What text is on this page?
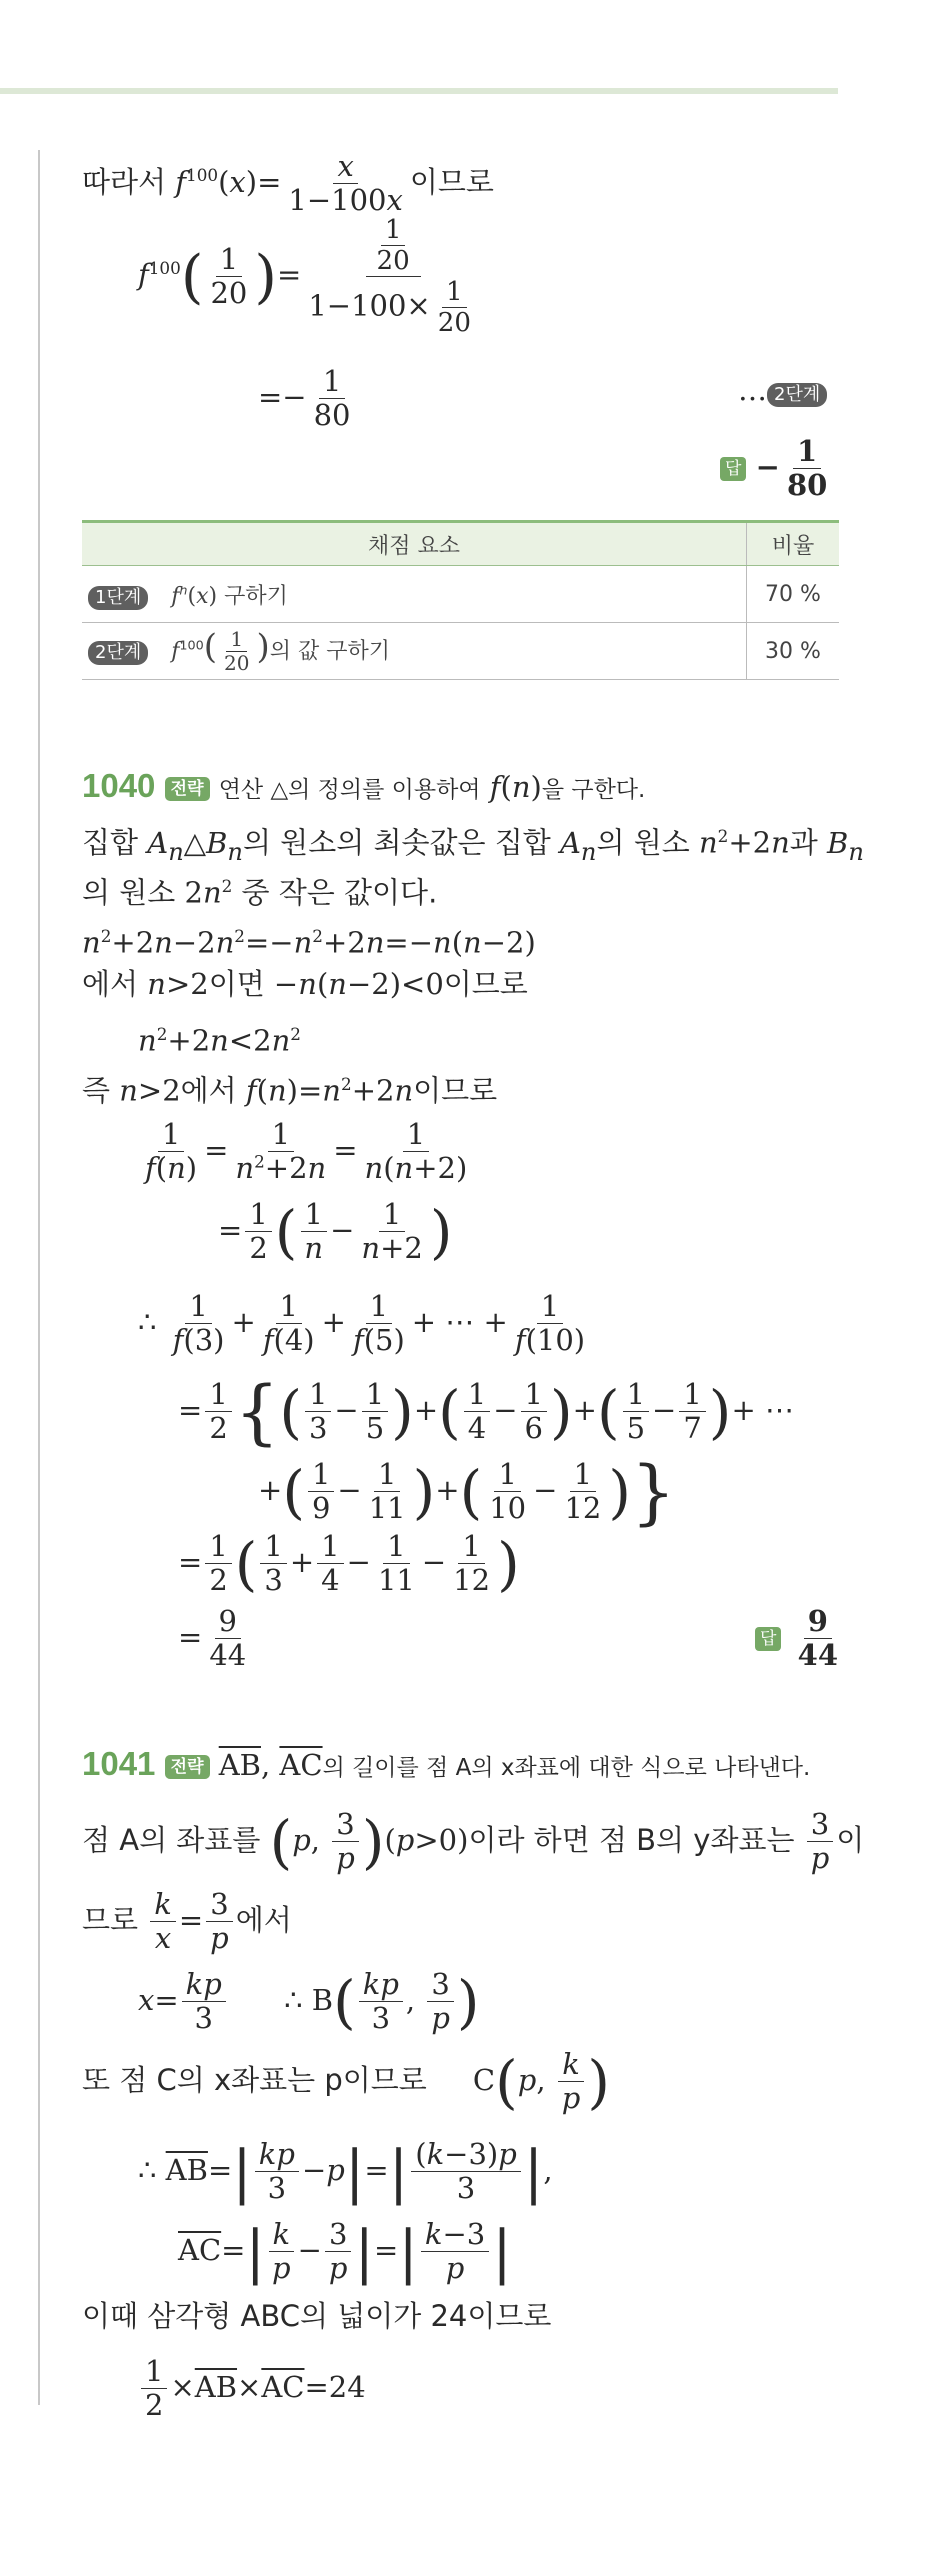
따라서 $f^{100}(x)= \frac{x}{1-100x}$ 이므로
$f^{100}( \frac{1}{20}$ )= $\frac{\frac{1}{20}}{1-100\times \frac{1}{20}}$
=− $\frac{1}{80}$	… 2단계
답 − $\frac{1}{80}$
채점 요소	비율
1단계 $f^n(x)$ 구하기	70 %
2단계 $f^{100}( \frac{1}{20}$ )의 값 구하기	30 %
1040 전략 연산 △의 정의를 이용하여 f(n)을 구한다.
집합 $A_n\triangle B_n$의 원소의 최솟값은 집합 $A_n$의 원소 $n^2+2n$과 $B_n$
의 원소 $2n^2$ 중 작은 값이다.
$n^2+2n-2n^2=-n^2+2n=-n(n-2)$
에서 n>2이면 −n(n−2)<0이므로
$n^2+2n<2n^2$
즉 n>2에서 $f(n)=n^2+2n$이므로
$\frac{1}{f(n)} = \frac{1}{n^2+2n} = \frac{1}{n(n+2)}$
= $\frac{1}{2}$ ( $\frac{1}{n} - \frac{1}{n+2}$ )
∴ $\frac{1}{f(3)} + \frac{1}{f(4)} + \frac{1}{f(5)}$ + ⋯ + $\frac{1}{f(10)}$
= $\frac{1}{2}$ {( $\frac{1}{3} - \frac{1}{5}$ )+( $\frac{1}{4} - \frac{1}{6}$ )+( $\frac{1}{5} - \frac{1}{7}$ )+ ⋯
+( $\frac{1}{9} - \frac{1}{11}$ )+( $\frac{1}{10} - \frac{1}{12}$ )}
= $\frac{1}{2}$ ( $\frac{1}{3} + \frac{1}{4} - \frac{1}{11} - \frac{1}{12}$ )
= $\frac{9}{44}$	답 $\frac{9}{44}$
1041 전략 $\overline{AB}$, $\overline{AC}$의 길이를 점 A의 x좌표에 대한 식으로 나타낸다.
점 A의 좌표를 (p, $\frac{3}{p} )(p>0)$이라 하면 점 B의 y좌표는 $\frac{3}{p}$ 이
므로 $\frac{k}{x} = \frac{3}{p}$ 에서
$x= \frac{kp}{3}$ ∴ $B( \frac{kp}{3}$ , $\frac{3}{p}$ )
또 점 C의 x좌표는 p이므로     C(p, $\frac{k}{p}$ )
∴ $\overline{AB}=| \frac{kp}{3} -p|=| \frac{(k-3)p}{3}$ |,
$\overline{AC}=| \frac{k}{p} - \frac{3}{p}$ |=| $\frac{k-3}{p}$ |
이때 삼각형 ABC의 넓이가 24이므로
$\frac{1}{2} \times\overline{AB}\times\overline{AC}=24$
